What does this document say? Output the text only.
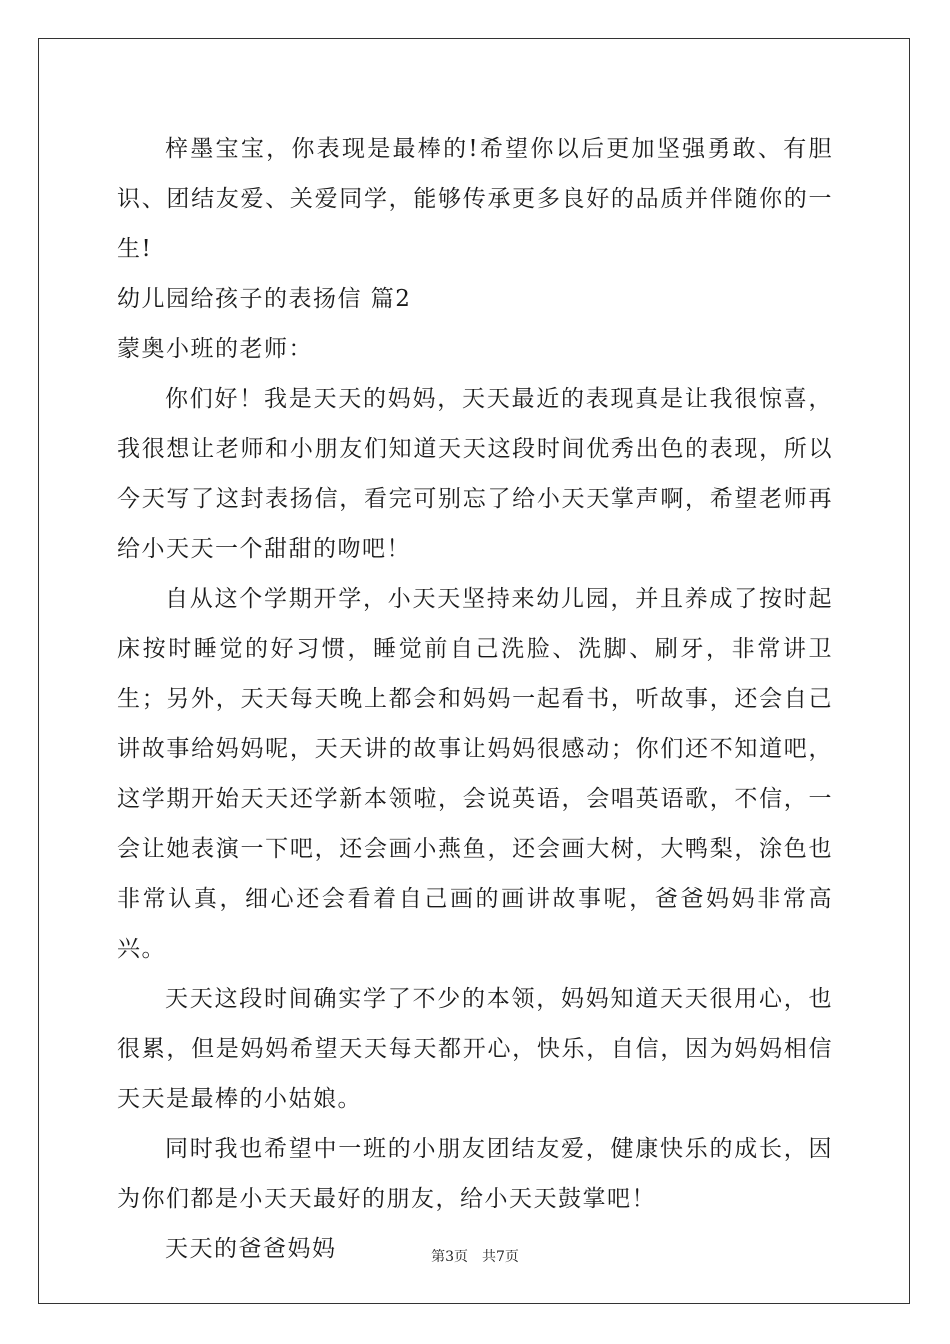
梓墨宝宝，你表现是最棒的!希望你以后更加坚强勇敢、有胆识、团结友爱、关爱同学，能够传承更多良好的品质并伴随你的一生!

幼儿园给孩子的表扬信 篇2

蒙奥小班的老师：

你们好！我是天天的妈妈，天天最近的表现真是让我很惊喜，我很想让老师和小朋友们知道天天这段时间优秀出色的表现，所以今天写了这封表扬信，看完可别忘了给小天天掌声啊，希望老师再给小天天一个甜甜的吻吧！

自从这个学期开学，小天天坚持来幼儿园，并且养成了按时起床按时睡觉的好习惯，睡觉前自己洗脸、洗脚、刷牙，非常讲卫生；另外，天天每天晚上都会和妈妈一起看书，听故事，还会自己讲故事给妈妈呢，天天讲的故事让妈妈很感动；你们还不知道吧，这学期开始天天还学新本领啦，会说英语，会唱英语歌，不信，一会让她表演一下吧，还会画小燕鱼，还会画大树，大鸭梨，涂色也非常认真，细心还会看着自己画的画讲故事呢，爸爸妈妈非常高兴。

天天这段时间确实学了不少的本领，妈妈知道天天很用心，也很累，但是妈妈希望天天每天都开心，快乐，自信，因为妈妈相信天天是最棒的小姑娘。

同时我也希望中一班的小朋友团结友爱，健康快乐的成长，因为你们都是小天天最好的朋友，给小天天鼓掌吧！

天天的爸爸妈妈	第3页 共7页
